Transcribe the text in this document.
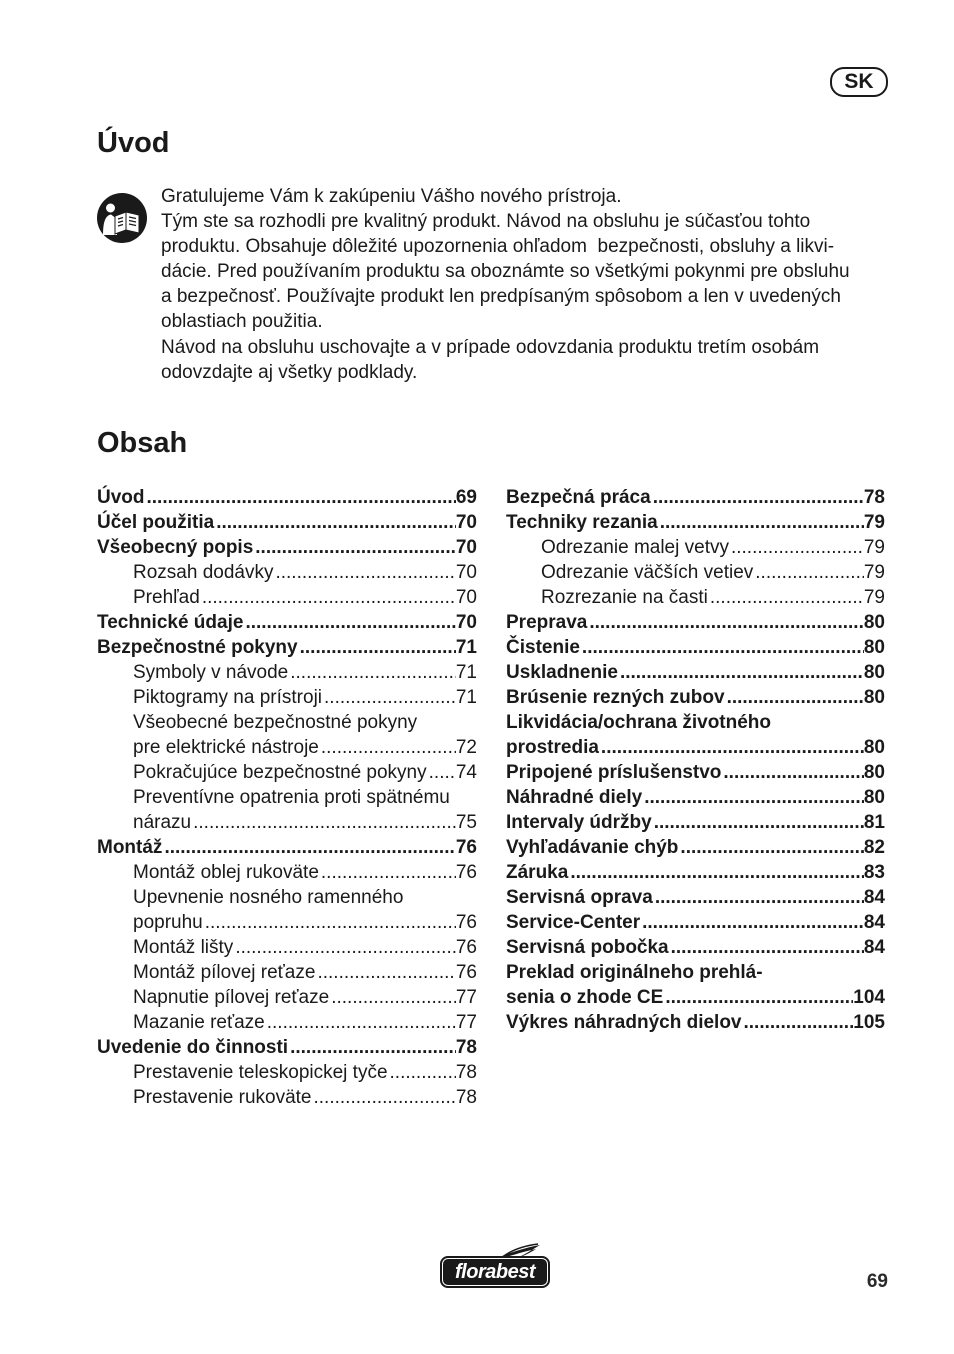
SK
Úvod
Gratulujeme Vám k zakúpeniu Vášho nového prístroja.
Tým ste sa rozhodli pre kvalitný produkt. Návod na obsluhu je súčasťou tohto
produktu. Obsahuje dôležité upozornenia ohľadom  bezpečnosti, obsluhy a likvi-
dácie. Pred používaním produktu sa oboznámte so všetkými pokynmi pre obsluhu
a bezpečnosť. Používajte produkt len predpísaným spôsobom a len v uvedených
oblastiach použitia.
Návod na obsluhu uschovajte a v prípade odovzdania produktu tretím osobám
odovzdajte aj všetky podklady.
Obsah
Úvod .....	69
Účel použitia .....	70
Všeobecný popis .....	70
Rozsah dodávky .....	70
Prehľad .....	70
Technické údaje .....	70
Bezpečnostné pokyny .....	71
Symboly v návode .....	71
Piktogramy na prístroji .....	71
Všeobecné bezpečnostné pokyny
pre elektrické nástroje .....	72
Pokračujúce bezpečnostné pokyny ..... 74
Preventívne opatrenia proti spätnému
nárazu .....	75
Montáž .....	76
Montáž oblej rukoväte .....	76
Upevnenie nosného ramenného
popruhu .....	76
Montáž lišty .....	76
Montáž pílovej reťaze .....	76
Napnutie pílovej reťaze .....	77
Mazanie reťaze .....	77
Uvedenie do činnosti .....	78
Prestavenie teleskopickej tyče .....	78
Prestavenie rukoväte .....	78
Bezpečná práca .....	78
Techniky rezania .....	79
Odrezanie malej vetvy .....	79
Odrezanie väčších vetiev .....	79
Rozrezanie na časti .....	79
Preprava .....	80
Čistenie .....	80
Uskladnenie .....	80
Brúsenie rezných zubov .....	80
Likvidácia/ochrana životného
prostredia .....	80
Pripojené príslušenstvo .....	80
Náhradné diely .....	80
Intervaly údržby .....	81
Vyhľadávanie chýb .....	82
Záruka .....	83
Servisná oprava .....	84
Service-Center .....	84
Servisná pobočka .....	84
Preklad originálneho prehlá-
senia o zhode CE .....	104
Výkres náhradných dielov .....	105
florabest	69
